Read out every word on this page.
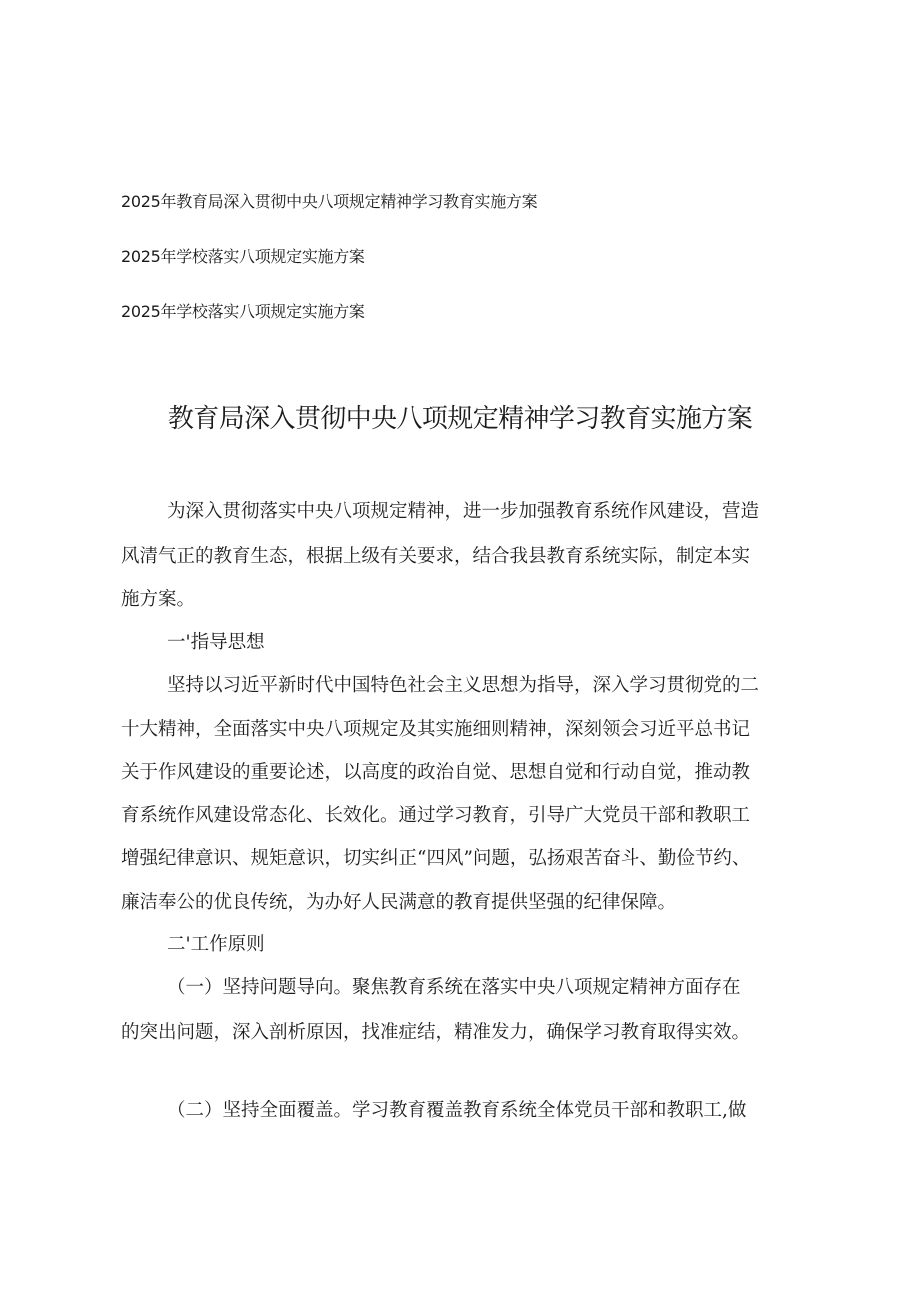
2025年教育局深入贯彻中央八项规定精神学习教育实施方案
2025年学校落实八项规定实施方案
2025年学校落实八项规定实施方案
教育局深入贯彻中央八项规定精神学习教育实施方案
为深入贯彻落实中央八项规定精神，进一步加强教育系统作风建设，营造
风清气正的教育生态，根据上级有关要求，结合我县教育系统实际，制定本实
施方案。
一'指导思想
坚持以习近平新时代中国特色社会主义思想为指导，深入学习贯彻党的二
十大精神，全面落实中央八项规定及其实施细则精神，深刻领会习近平总书记
关于作风建设的重要论述，以高度的政治自觉、思想自觉和行动自觉，推动教
育系统作风建设常态化、长效化。通过学习教育，引导广大党员干部和教职工
增强纪律意识、规矩意识，切实纠正“四风”问题，弘扬艰苦奋斗、勤俭节约、
廉洁奉公的优良传统，为办好人民满意的教育提供坚强的纪律保障。
二'工作原则
（一）坚持问题导向。聚焦教育系统在落实中央八项规定精神方面存在
的突出问题，深入剖析原因，找准症结，精准发力，确保学习教育取得实效。
（二）坚持全面覆盖。学习教育覆盖教育系统全体党员干部和教职工,做
